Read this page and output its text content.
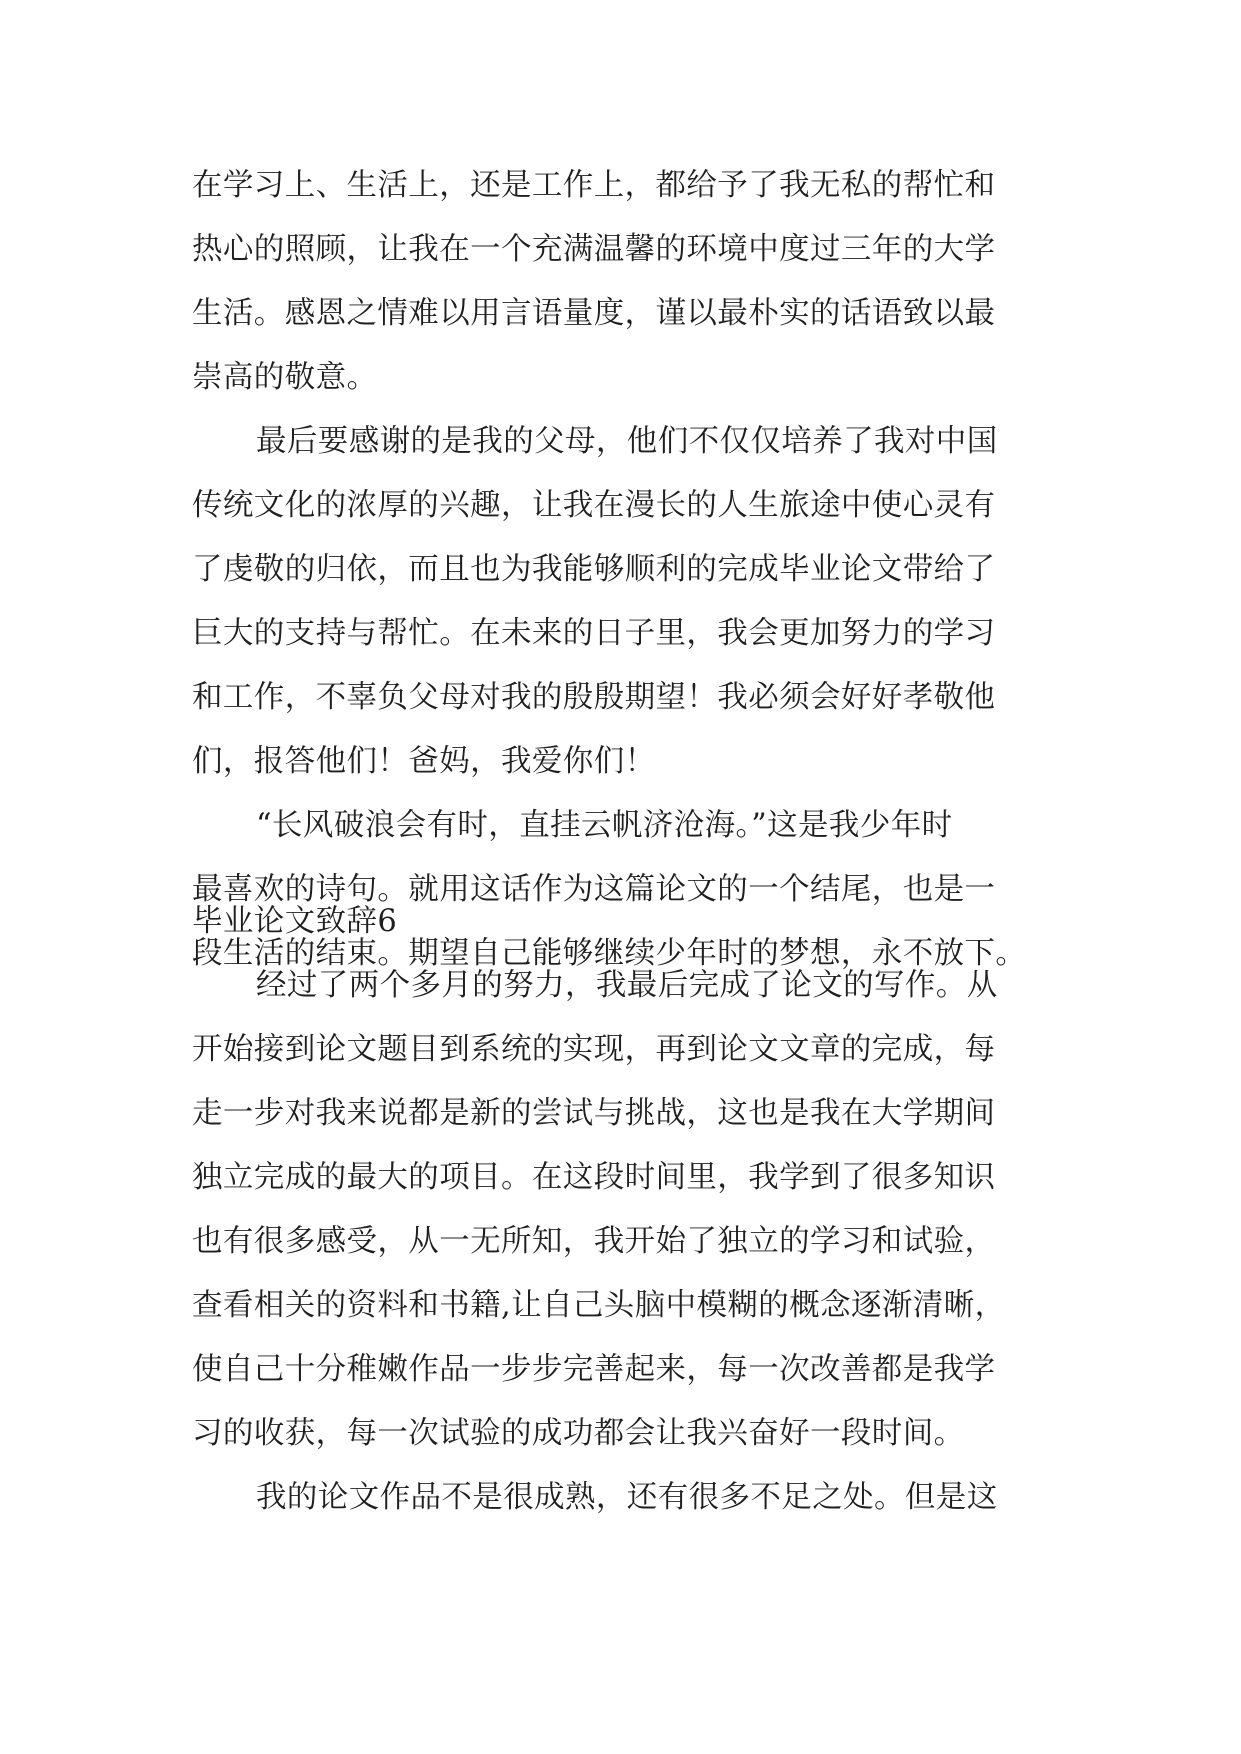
在学习上、生活上，还是工作上，都给予了我无私的帮忙和
热心的照顾，让我在一个充满温馨的环境中度过三年的大学
生活。感恩之情难以用言语量度，谨以最朴实的话语致以最
崇高的敬意。
最后要感谢的是我的父母，他们不仅仅培养了我对中国
传统文化的浓厚的兴趣，让我在漫长的人生旅途中使心灵有
了虔敬的归依，而且也为我能够顺利的完成毕业论文带给了
巨大的支持与帮忙。在未来的日子里，我会更加努力的学习
和工作，不辜负父母对我的殷殷期望！我必须会好好孝敬他
们，报答他们！爸妈，我爱你们！
“长风破浪会有时，直挂云帆济沧海。”这是我少年时
最喜欢的诗句。就用这话作为这篇论文的一个结尾，也是一
段生活的结束。期望自己能够继续少年时的梦想，永不放下。
毕业论文致辞6
经过了两个多月的努力，我最后完成了论文的写作。从
开始接到论文题目到系统的实现，再到论文文章的完成，每
走一步对我来说都是新的尝试与挑战，这也是我在大学期间
独立完成的最大的项目。在这段时间里，我学到了很多知识
也有很多感受，从一无所知，我开始了独立的学习和试验，
查看相关的资料和书籍,让自己头脑中模糊的概念逐渐清晰，
使自己十分稚嫩作品一步步完善起来，每一次改善都是我学
习的收获，每一次试验的成功都会让我兴奋好一段时间。
我的论文作品不是很成熟，还有很多不足之处。但是这
